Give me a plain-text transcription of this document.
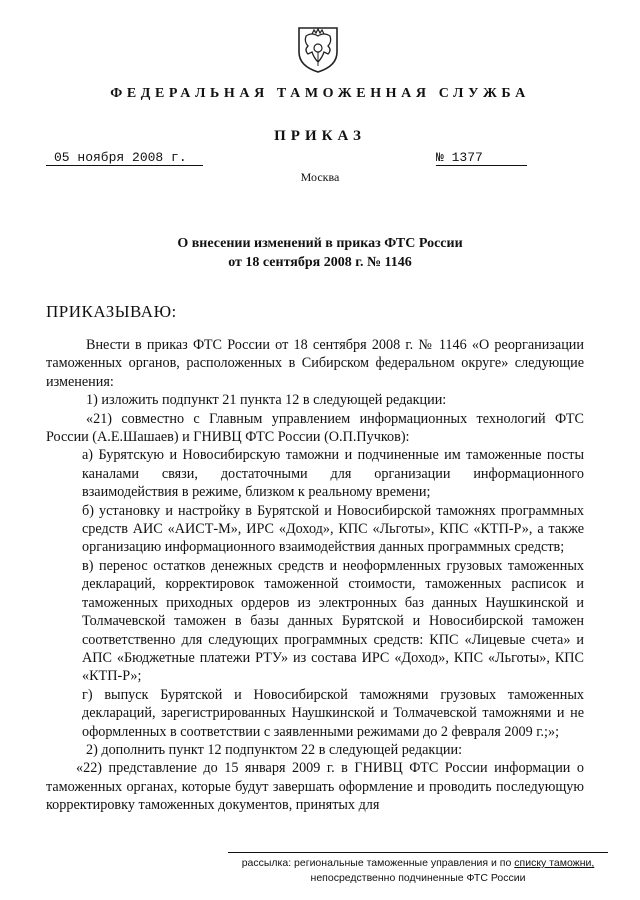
ФЕДЕРАЛЬНАЯ ТАМОЖЕННАЯ СЛУЖБА
ПРИКАЗ
05 ноября 2008 г.	№ 1377
Москва
О внесении изменений в приказ ФТС России
от 18 сентября 2008 г. № 1146
ПРИКАЗЫВАЮ:

Внести в приказ ФТС России от 18 сентября 2008 г. № 1146 «О реорганизации таможенных органов, расположенных в Сибирском федеральном округе» следующие изменения:

1) изложить подпункт 21 пункта 12 в следующей редакции:

«21) совместно с Главным управлением информационных технологий ФТС России (А.Е.Шашаев) и ГНИВЦ ФТС России (О.П.Пучков):

а) Бурятскую и Новосибирскую таможни и подчиненные им таможенные посты каналами связи, достаточными для организации информационного взаимодействия в режиме, близком к реальному времени;

б) установку и настройку в Бурятской и Новосибирской таможнях программных средств АИС «АИСТ-М», ИРС «Доход», КПС «Льготы», КПС «КТП-Р», а также организацию информационного взаимодействия данных программных средств;

в) перенос остатков денежных средств и неоформленных грузовых таможенных деклараций, корректировок таможенной стоимости, таможенных расписок и таможенных приходных ордеров из электронных баз данных Наушкинской и Толмачевской таможен в базы данных Бурятской и Новосибирской таможен соответственно для следующих программных средств: КПС «Лицевые счета» и АПС «Бюджетные платежи РТУ» из состава ИРС «Доход», КПС «Льготы», КПС «КТП-Р»;

г) выпуск Бурятской и Новосибирской таможнями грузовых таможенных деклараций, зарегистрированных Наушкинской и Толмачевской таможнями и не оформленных в соответствии с заявленными режимами до 2 февраля 2009 г.;»;

2) дополнить пункт 12 подпунктом 22 в следующей редакции:

«22) представление до 15 января 2009 г. в ГНИВЦ ФТС России информации о таможенных органах, которые будут завершать оформление и проводить последующую корректировку таможенных документов, принятых для

рассылка: региональные таможенные управления и по списку таможни,
непосредственно подчиненные ФТС России
